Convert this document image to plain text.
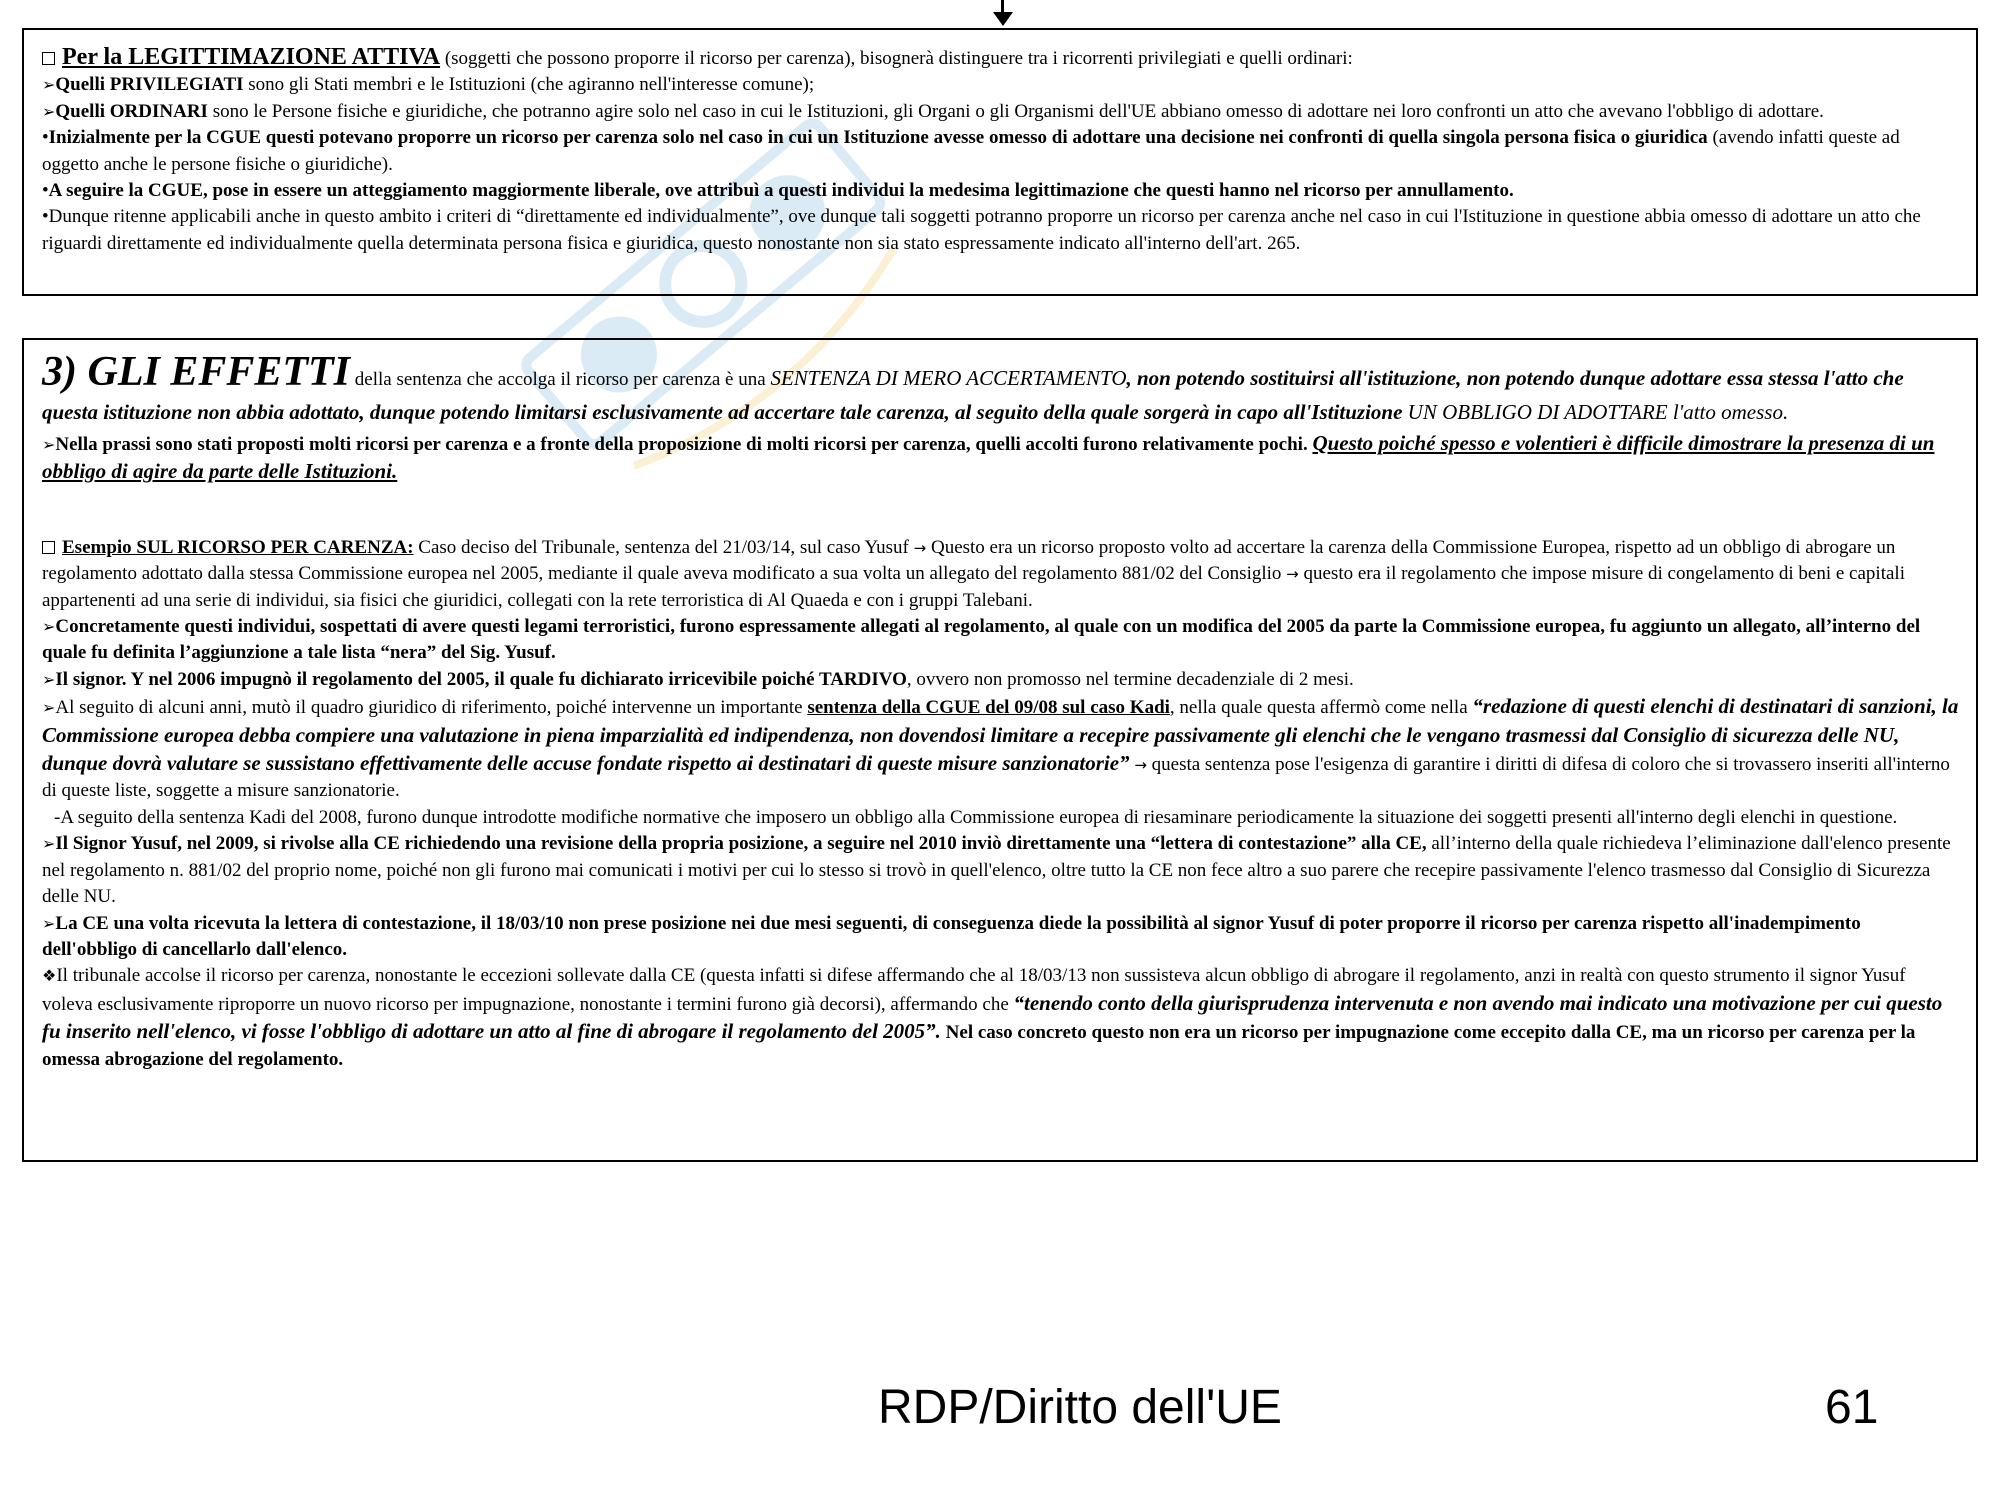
Per la LEGITTIMAZIONE ATTIVA (soggetti che possono proporre il ricorso per carenza), bisognerà distinguere tra i ricorrenti privilegiati e quelli ordinari:

➢Quelli PRIVILEGIATI sono gli Stati membri e le Istituzioni (che agiranno nell'interesse comune);

➢Quelli ORDINARI sono le Persone fisiche e giuridiche, che potranno agire solo nel caso in cui le Istituzioni, gli Organi o gli Organismi dell'UE abbiano omesso di adottare nei loro confronti un atto che avevano l'obbligo di adottare.

•Inizialmente per la CGUE questi potevano proporre un ricorso per carenza solo nel caso in cui un Istituzione avesse omesso di adottare una decisione nei confronti di quella singola persona fisica o giuridica (avendo infatti queste ad oggetto anche le persone fisiche o giuridiche).

•A seguire la CGUE, pose in essere un atteggiamento maggiormente liberale, ove attribuì a questi individui la medesima legittimazione che questi hanno nel ricorso per annullamento.

•Dunque ritenne applicabili anche in questo ambito i criteri di “direttamente ed individualmente”, ove dunque tali soggetti potranno proporre un ricorso per carenza anche nel caso in cui l'Istituzione in questione abbia omesso di adottare un atto che riguardi direttamente ed individualmente quella determinata persona fisica e giuridica, questo nonostante non sia stato espressamente indicato all'interno dell'art. 265.

3) GLI EFFETTI della sentenza che accolga il ricorso per carenza è una SENTENZA DI MERO ACCERTAMENTO, non potendo sostituirsi all'istituzione, non potendo dunque adottare essa stessa l'atto che questa istituzione non abbia adottato, dunque potendo limitarsi esclusivamente ad accertare tale carenza, al seguito della quale sorgerà in capo all'Istituzione UN OBBLIGO DI ADOTTARE l'atto omesso.

➢Nella prassi sono stati proposti molti ricorsi per carenza e a fronte della proposizione di molti ricorsi per carenza, quelli accolti furono relativamente pochi. Questo poiché spesso e volentieri è difficile dimostrare la presenza di un obbligo di agire da parte delle Istituzioni.

Esempio SUL RICORSO PER CARENZA: Caso deciso del Tribunale, sentenza del 21/03/14, sul caso Yusuf → Questo era un ricorso proposto volto ad accertare la carenza della Commissione Europea, rispetto ad un obbligo di abrogare un regolamento adottato dalla stessa Commissione europea nel 2005, mediante il quale aveva modificato a sua volta un allegato del regolamento 881/02 del Consiglio → questo era il regolamento che impose misure di congelamento di beni e capitali appartenenti ad una serie di individui, sia fisici che giuridici, collegati con la rete terroristica di Al Quaeda e con i gruppi Talebani.

➢Concretamente questi individui, sospettati di avere questi legami terroristici, furono espressamente allegati al regolamento, al quale con un modifica del 2005 da parte la Commissione europea, fu aggiunto un allegato, all’interno del quale fu definita l’aggiunzione a tale lista “nera” del Sig. Yusuf.

➢Il signor. Y nel 2006 impugnò il regolamento del 2005, il quale fu dichiarato irricevibile poiché TARDIVO, ovvero non promosso nel termine decadenziale di 2 mesi.

➢Al seguito di alcuni anni, mutò il quadro giuridico di riferimento, poiché intervenne un importante sentenza della CGUE del 09/08 sul caso Kadi, nella quale questa affermò come nella “redazione di questi elenchi di destinatari di sanzioni, la Commissione europea debba compiere una valutazione in piena imparzialità ed indipendenza, non dovendosi limitare a recepire passivamente gli elenchi che le vengano trasmessi dal Consiglio di sicurezza delle NU, dunque dovrà valutare se sussistano effettivamente delle accuse fondate rispetto ai destinatari di queste misure sanzionatorie” → questa sentenza pose l'esigenza di garantire i diritti di difesa di coloro che si trovassero inseriti all'interno di queste liste, soggette a misure sanzionatorie.

-A seguito della sentenza Kadi del 2008, furono dunque introdotte modifiche normative che imposero un obbligo alla Commissione europea di riesaminare periodicamente la situazione dei soggetti presenti all'interno degli elenchi in questione.

➢Il Signor Yusuf, nel 2009, si rivolse alla CE richiedendo una revisione della propria posizione, a seguire nel 2010 inviò direttamente una “lettera di contestazione” alla CE, all’interno della quale richiedeva l’eliminazione dall'elenco presente nel regolamento n. 881/02 del proprio nome, poiché non gli furono mai comunicati i motivi per cui lo stesso si trovò in quell'elenco, oltre tutto la CE non fece altro a suo parere che recepire passivamente l'elenco trasmesso dal Consiglio di Sicurezza delle NU.

➢La CE una volta ricevuta la lettera di contestazione, il 18/03/10 non prese posizione nei due mesi seguenti, di conseguenza diede la possibilità al signor Yusuf di poter proporre il ricorso per carenza rispetto all'inadempimento dell'obbligo di cancellarlo dall'elenco.

❖Il tribunale accolse il ricorso per carenza, nonostante le eccezioni sollevate dalla CE (questa infatti si difese affermando che al 18/03/13 non sussisteva alcun obbligo di abrogare il regolamento, anzi in realtà con questo strumento il signor Yusuf voleva esclusivamente riproporre un nuovo ricorso per impugnazione, nonostante i termini furono già decorsi), affermando che “tenendo conto della giurisprudenza intervenuta e non avendo mai indicato una motivazione per cui questo fu inserito nell'elenco, vi fosse l'obbligo di adottare un atto al fine di abrogare il regolamento del 2005”. Nel caso concreto questo non era un ricorso per impugnazione come eccepito dalla CE, ma un ricorso per carenza per la omessa abrogazione del regolamento.

RDP/Diritto dell'UE	61
